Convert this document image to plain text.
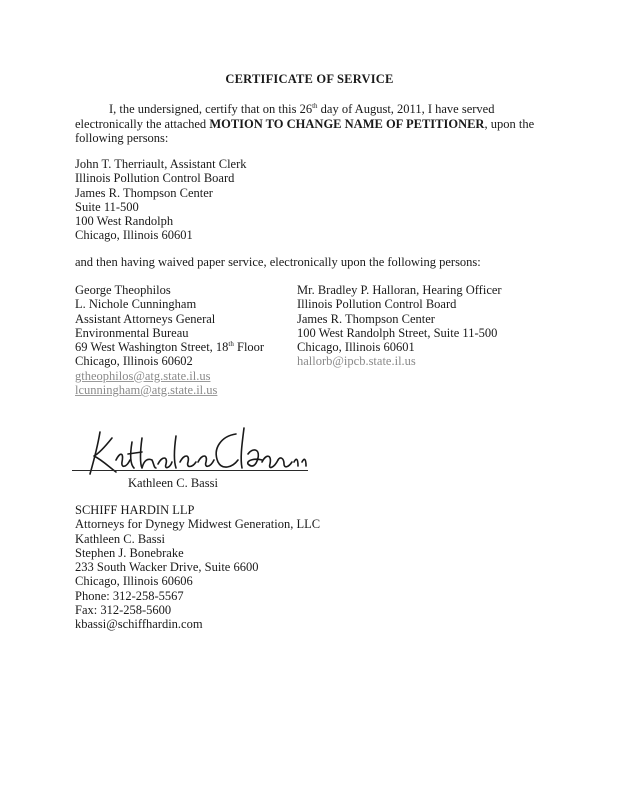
CERTIFICATE OF SERVICE
I, the undersigned, certify that on this 26th day of August, 2011, I have served electronically the attached MOTION TO CHANGE NAME OF PETITIONER, upon the following persons:
John T. Therriault, Assistant Clerk
Illinois Pollution Control Board
James R. Thompson Center
Suite 11-500
100 West Randolph
Chicago, Illinois 60601
and then having waived paper service, electronically upon the following persons:
George Theophilos
L. Nichole Cunningham
Assistant Attorneys General
Environmental Bureau
69 West Washington Street, 18th Floor
Chicago, Illinois 60602
gtheophilos@atg.state.il.us
lcunningham@atg.state.il.us
Mr. Bradley P. Halloran, Hearing Officer
Illinois Pollution Control Board
James R. Thompson Center
100 West Randolph Street, Suite 11-500
Chicago, Illinois 60601
hallorb@ipcb.state.il.us
Kathleen C. Bassi
SCHIFF HARDIN LLP
Attorneys for Dynegy Midwest Generation, LLC
Kathleen C. Bassi
Stephen J. Bonebrake
233 South Wacker Drive, Suite 6600
Chicago, Illinois 60606
Phone: 312-258-5567
Fax: 312-258-5600
kbassi@schiffhardin.com
